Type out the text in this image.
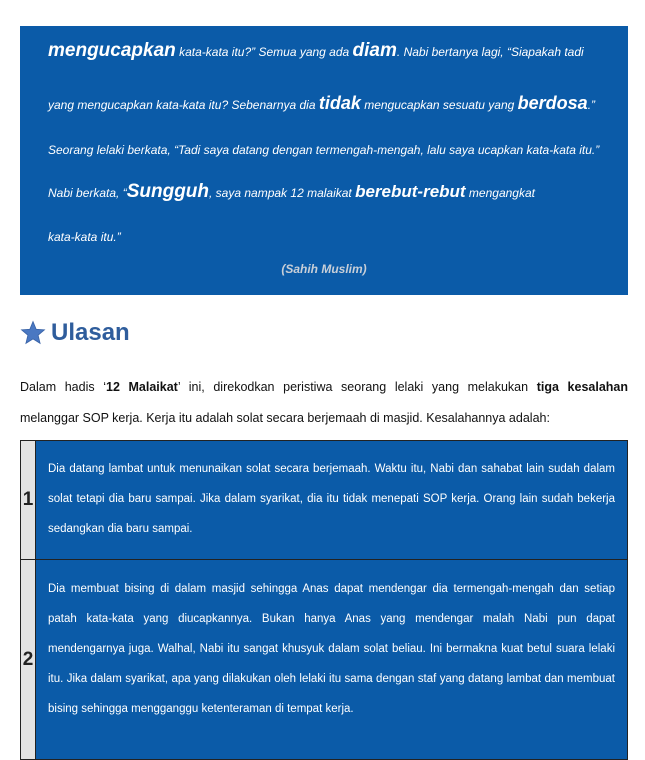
mengucapkan kata-kata itu?” Semua yang ada diam. Nabi bertanya lagi, “Siapakah tadi
yang mengucapkan kata-kata itu? Sebenarnya dia tidak mengucapkan sesuatu yang berdosa.”
Seorang lelaki berkata, “Tadi saya datang dengan termengah-mengah, lalu saya ucapkan kata-kata itu.”
Nabi berkata, “Sungguh, saya nampak 12 malaikat berebut-rebut mengangkat
kata-kata itu.”
(Sahih Muslim)
Ulasan
Dalam hadis ‘12 Malaikat’ ini, direkodkan peristiwa seorang lelaki yang melakukan tiga kesalahan
melanggar SOP kerja. Kerja itu adalah solat secara berjemaah di masjid. Kesalahannya adalah:
1
Dia datang lambat untuk menunaikan solat secara berjemaah. Waktu itu, Nabi dan sahabat lain sudah dalam solat tetapi dia baru sampai. Jika dalam syarikat, dia itu tidak menepati SOP kerja. Orang lain sudah bekerja sedangkan dia baru sampai.
2
Dia membuat bising di dalam masjid sehingga Anas dapat mendengar dia termengah-mengah dan setiap patah kata-kata yang diucapkannya. Bukan hanya Anas yang mendengar malah Nabi pun dapat mendengarnya juga. Walhal, Nabi itu sangat khusyuk dalam solat beliau. Ini bermakna kuat betul suara lelaki itu. Jika dalam syarikat, apa yang dilakukan oleh lelaki itu sama dengan staf yang datang lambat dan membuat bising sehingga mengganggu ketenteraman di tempat kerja.
